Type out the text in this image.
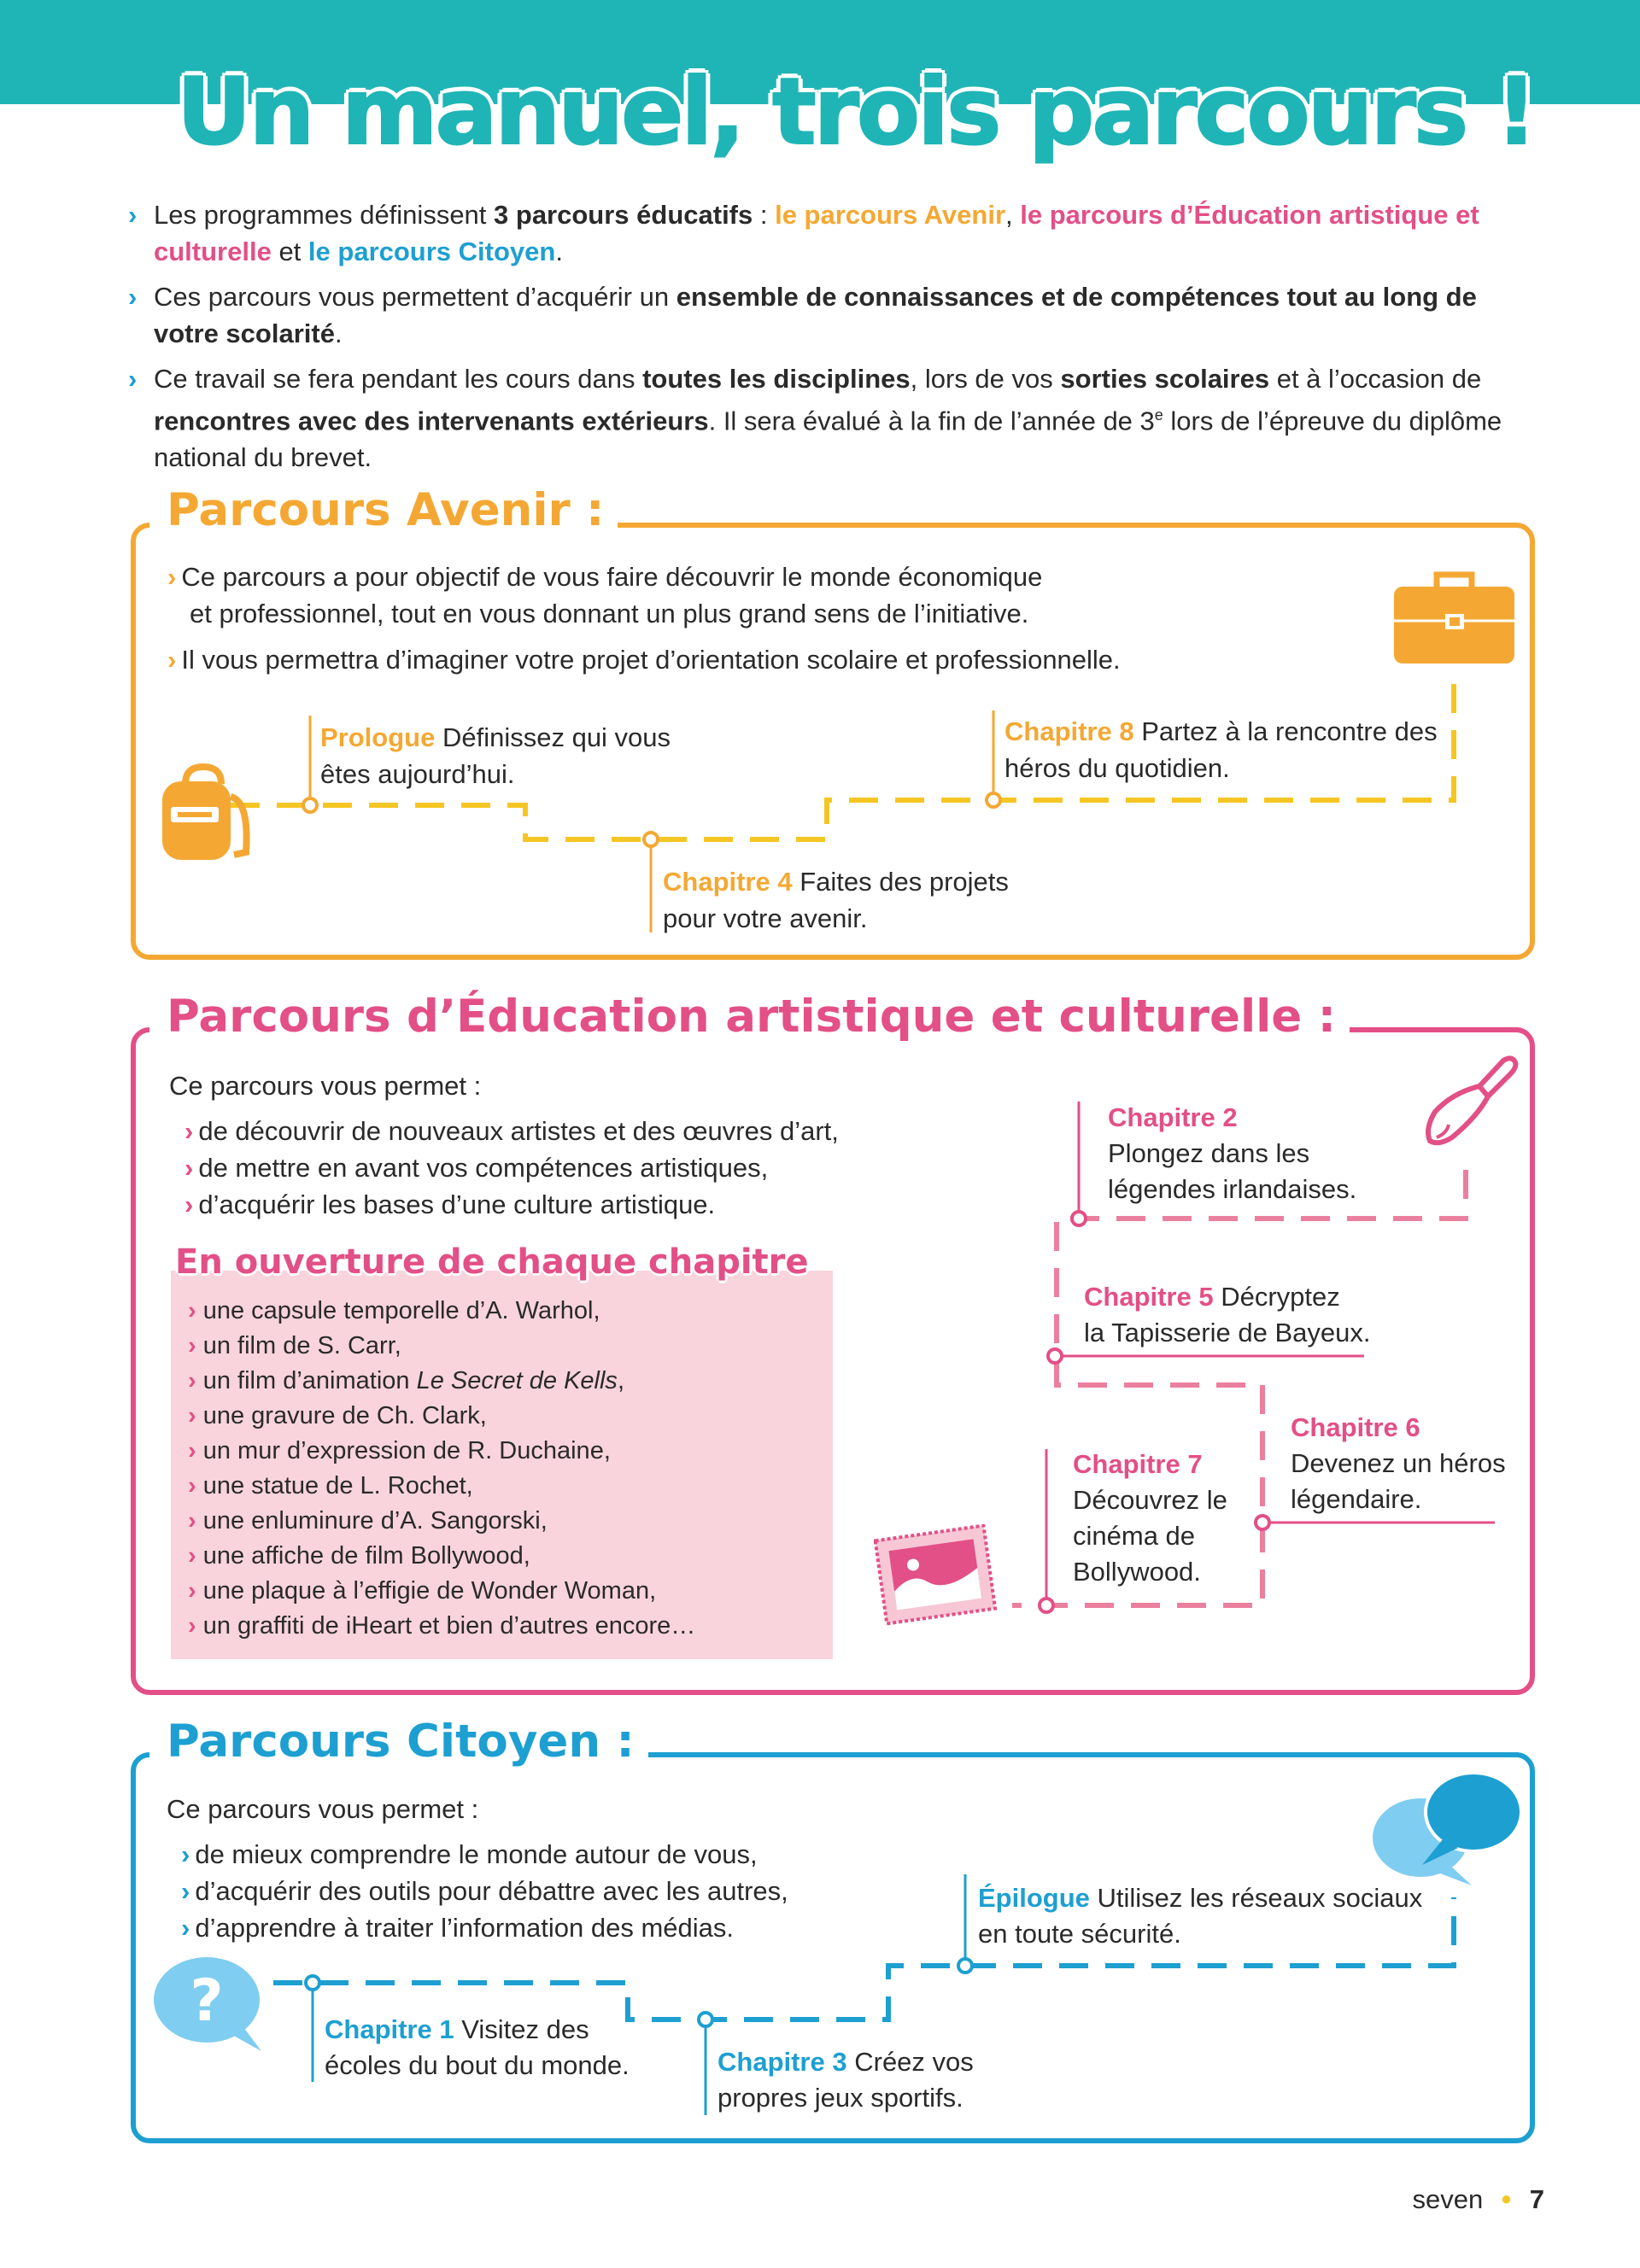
Un manuel, trois parcours !

› Les programmes définissent 3 parcours éducatifs : le parcours Avenir, le parcours d’Éducation artistique et culturelle et le parcours Citoyen.

› Ces parcours vous permettent d’acquérir un ensemble de connaissances et de compétences tout au long de votre scolarité.

› Ce travail se fera pendant les cours dans toutes les disciplines, lors de vos sorties scolaires et à l’occasion de rencontres avec des intervenants extérieurs. Il sera évalué à la fin de l’année de 3e lors de l’épreuve du diplôme national du brevet.

Parcours Avenir :
› Ce parcours a pour objectif de vous faire découvrir le monde économique
et professionnel, tout en vous donnant un plus grand sens de l’initiative.
› Il vous permettra d’imaginer votre projet d’orientation scolaire et professionnelle.
Prologue Définissez qui vous
êtes aujourd’hui.
Chapitre 4 Faites des projets
pour votre avenir.
Chapitre 8 Partez à la rencontre des
héros du quotidien.
Parcours d’Éducation artistique et culturelle :
Ce parcours vous permet :
› de découvrir de nouveaux artistes et des œuvres d’art,
› de mettre en avant vos compétences artistiques,
› d’acquérir les bases d’une culture artistique.
En ouverture de chaque chapitre
› une capsule temporelle d’A. Warhol,
› un film de S. Carr,
› un film d’animation Le Secret de Kells,
› une gravure de Ch. Clark,
› un mur d’expression de R. Duchaine,
› une statue de L. Rochet,
› une enluminure d’A. Sangorski,
› une affiche de film Bollywood,
› une plaque à l’effigie de Wonder Woman,
› un graffiti de iHeart et bien d’autres encore…
Chapitre 2
Plongez dans les
légendes irlandaises.
Chapitre 5 Décryptez
la Tapisserie de Bayeux.
Chapitre 6
Devenez un héros
légendaire.
Chapitre 7
Découvrez le
cinéma de
Bollywood.
Parcours Citoyen :
Ce parcours vous permet :
› de mieux comprendre le monde autour de vous,
› d’acquérir des outils pour débattre avec les autres,
› d’apprendre à traiter l’information des médias.
?	Chapitre 1 Visitez des
écoles du bout du monde.	Chapitre 3 Créez vos
propres jeux sportifs.
Épilogue Utilisez les réseaux sociaux
en toute sécurité.
seven ● 7
